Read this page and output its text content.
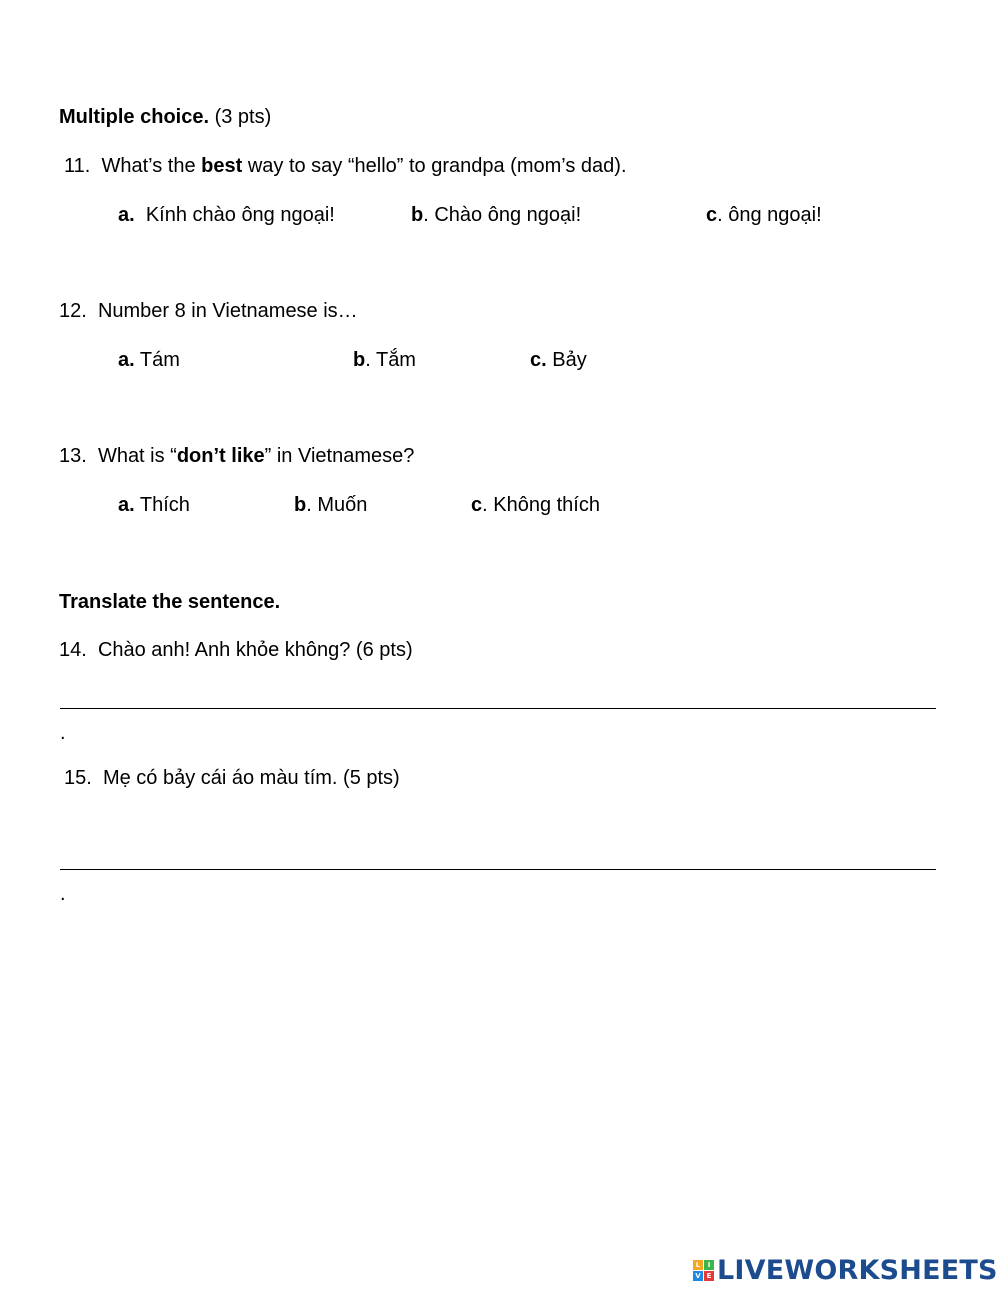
Multiple choice. (3 pts)
11. What’s the best way to say “hello” to grandpa (mom’s dad).
a. Kính chào ông ngoại!	b. Chào ông ngoại!	c. ông ngoại!
12. Number 8 in Vietnamese is…
a. Tám	b. Tắm	c. Bảy
13. What is “don’t like” in Vietnamese?
a. Thích	b. Muốn	c. Không thích
Translate the sentence.
14. Chào anh! Anh khỏe không? (6 pts)
.
15. Mẹ có bảy cái áo màu tím. (5 pts)
.
L	I
V E LIVEWORKSHEETS
